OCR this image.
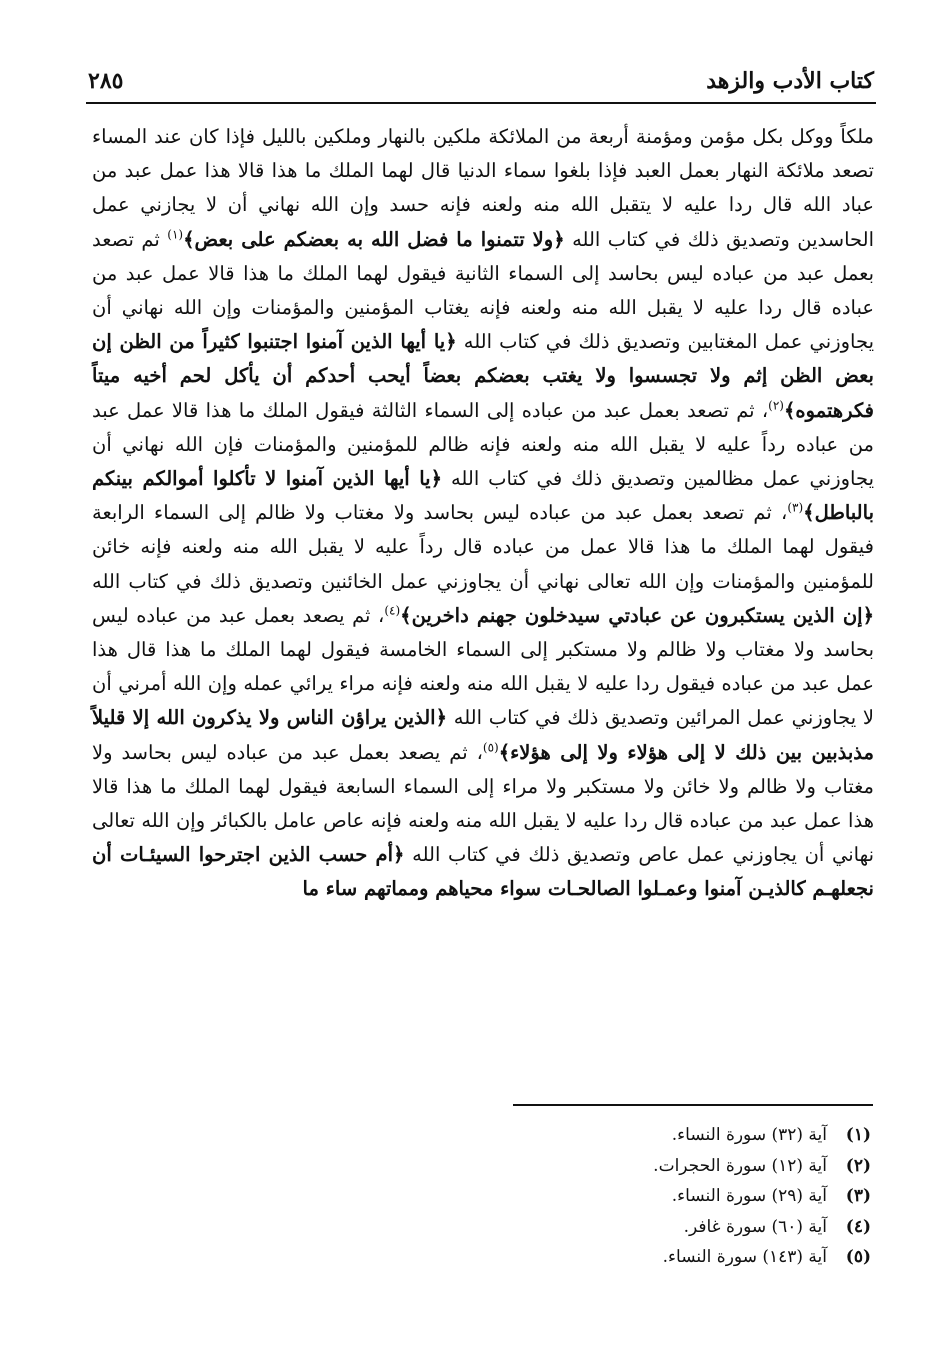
كتاب الأدب والزهد
٢٨٥

ملكاً ووكل بكل مؤمن ومؤمنة أربعة من الملائكة ملكين بالنهار وملكين بالليل فإذا كان عند المساء تصعد ملائكة النهار بعمل العبد فإذا بلغوا سماء الدنيا قال لهما الملك ما هذا قالا هذا عمل عبد من عباد الله قال ردا عليه لا يتقبل الله منه ولعنه فإنه حسد وإن الله نهاني أن لا يجازني عمل الحاسدين وتصديق ذلك في كتاب الله ﴿ولا تتمنوا ما فضل الله به بعضكم على بعض﴾$^{(١)}$ ثم تصعد بعمل عبد من عباده ليس بحاسد إلى السماء الثانية فيقول لهما الملك ما هذا قالا عمل عبد من عباده قال ردا عليه لا يقبل الله منه ولعنه فإنه يغتاب المؤمنين والمؤمنات وإن الله نهاني أن يجاوزني عمل المغتابين وتصديق ذلك في كتاب الله ﴿يا أيها الذين آمنوا اجتنبوا كثيراً من الظن إن بعض الظن إثم ولا تجسسوا ولا يغتب بعضكم بعضاً أيحب أحدكم أن يأكل لحم أخيه ميتاً فكرهتموه﴾$^{(٢)}$، ثم تصعد بعمل عبد من عباده إلى السماء الثالثة فيقول الملك ما هذا قالا عمل عبد من عباده رداً عليه لا يقبل الله منه ولعنه فإنه ظالم للمؤمنين والمؤمنات فإن الله نهاني أن يجاوزني عمل مظالمين وتصديق ذلك في كتاب الله ﴿يا أيها الذين آمنوا لا تأكلوا أموالكم بينكم بالباطل﴾$^{(٣)}$، ثم تصعد بعمل عبد من عباده ليس بحاسد ولا مغتاب ولا ظالم إلى السماء الرابعة فيقول لهما الملك ما هذا قالا عمل من عباده قال رداً عليه لا يقبل الله منه ولعنه فإنه خائن للمؤمنين والمؤمنات وإن الله تعالى نهاني أن يجاوزني عمل الخائنين وتصديق ذلك في كتاب الله ﴿إن الذين يستكبرون عن عبادتي سيدخلون جهنم داخرين﴾$^{(٤)}$، ثم يصعد بعمل عبد من عباده ليس بحاسد ولا مغتاب ولا ظالم ولا مستكبر إلى السماء الخامسة فيقول لهما الملك ما هذا قال هذا عمل عبد من عباده فيقول ردا عليه لا يقبل الله منه ولعنه فإنه مراء يرائي عمله وإن الله أمرني أن لا يجاوزني عمل المرائين وتصديق ذلك في كتاب الله ﴿الذين يراؤن الناس ولا يذكرون الله إلا قليلاً مذبذبين بين ذلك لا إلى هؤلاء ولا إلى هؤلاء﴾$^{(٥)}$، ثم يصعد بعمل عبد من عباده ليس بحاسد ولا مغتاب ولا ظالم ولا خائن ولا مستكبر ولا مراء إلى السماء السابعة فيقول لهما الملك ما هذا قالا هذا عمل عبد من عباده قال ردا عليه لا يقبل الله منه ولعنه فإنه عاص عامل بالكبائر وإن الله تعالى نهاني أن يجاوزني عمل عاص وتصديق ذلك في كتاب الله ﴿أم حسب الذين اجترحوا السيئـات أن نجعلهـم كالذيـن آمنوا وعمـلوا الصالحـات سواء محياهم ومماتهم ساء ما

(١)آية (٣٢) سورة النساء.
(٢)آية (١٢) سورة الحجرات.
(٣)آية (٢٩) سورة النساء.
(٤)آية (٦٠) سورة غافر.
(٥)آية (١٤٣) سورة النساء.
